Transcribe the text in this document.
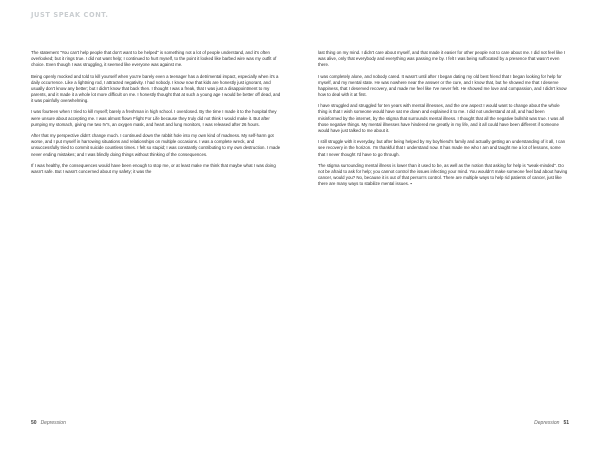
JUST SPEAK CONT.

The statement "You can't help people that don't want to be helped" is something not a lot of people understand, and it's often overlooked; but it rings true. I did not want help; I continued to hurt myself, to the point it looked like barbed wire was my outfit of choice. Even though I was struggling, it seemed like everyone was against me.

Being openly mocked and told to kill yourself when you're barely even a teenager has a detrimental impact, especially when it's a daily occurrence. Like a lightning rod, I attracted negativity. I had nobody. I know now that kids are honestly just ignorant, and usually don't know any better; but I didn't know that back then. I thought I was a freak, that I was just a disappointment to my parents, and it made it a whole lot more difficult on me. I honestly thought that at such a young age I would be better off dead, and it was painfully overwhelming.

I was fourteen when I tried to kill myself; barely a freshman in high school. I overdosed. By the time I made it to the hospital they were unsure about accepting me. I was almost flown Flight For Life because they truly did not think I would make it. But after pumping my stomach, giving me two IV's, an oxygen mask, and heart and lung monitors, I was released after 26 hours.

After that my perspective didn't change much. I continued down the rabbit hole into my own kind of madness. My self-harm got worse, and I put myself in harrowing situations and relationships on multiple occasions. I was a complete wreck, and unsuccessfully tried to commit suicide countless times. I felt so stupid; I was constantly contributing to my own destruction. I made never ending mistakes; and I was blindly doing things without thinking of the consequences.

If I was healthy, the consequences would have been enough to stop me, or at least make me think that maybe what I was doing wasn't safe. But I wasn't concerned about my safety; it was the

last thing on my mind. I didn't care about myself, and that made it easier for other people not to care about me. I did not feel like I was alive, only that everybody and everything was passing me by. I felt I was being suffocated by a presence that wasn't even there.

I was completely alone, and nobody cared. It wasn't until after I began dating my old best friend that I began looking for help for myself, and my mental state. He was nowhere near the answer or the cure, and I know that, but he showed me that I deserve happiness, that I deserved recovery, and made me feel like I've never felt. He showed me love and compassion, and I didn't know how to deal with it at first.

I have struggled and struggled for ten years with mental illnesses, and the one aspect I would want to change about the whole thing is that I wish someone would have sat me down and explained it to me. I did not understand at all, and had been misinformed by the internet, by the stigma that surrounds mental illness. I thought that all the negative bullshit was true. I was all those negative things. My mental illnesses have hindered me greatly in my life, and it all could have been different if someone would have just talked to me about it.

I still struggle with it everyday, but after being helped by my boyfriend's family and actually getting an understanding of it all, I can see recovery in the horizon. I'm thankful that I understand now. It has made me who I am and taught me a lot of lessons, some that I never thought I'd have to go through.

The stigma surrounding mental illness is lower than it used to be, as well as the notion that asking for help is "weak-minded". Do not be afraid to ask for help; you cannot control the issues infecting your mind. You wouldn't make someone feel bad about having cancer, would you? No, because it is out of that person's control. There are multiple ways to help rid patients of cancer, just like there are many ways to stabilize mental issues. ▪

50 Depression	Depression 51
